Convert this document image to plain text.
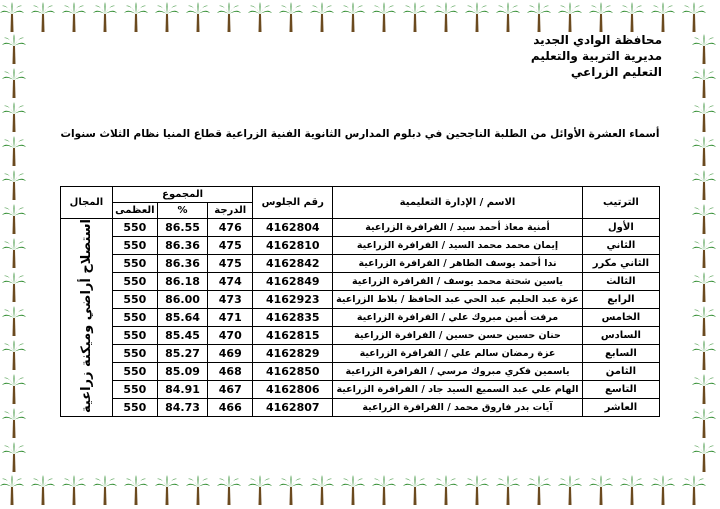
محافظة الوادي الجديد
مديرية التربية والتعليم
التعليم الزراعي
أسماء العشرة الأوائل من الطلبة الناجحين في دبلوم المدارس الثانوية الفنية الزراعية قطاع المنيا نظام الثلاث سنوات
الترتيب	الاسم / الإدارة التعليمية	رقم الجلوس	المجموع			المجال
			الدرجة	%	العظمى	
الأول	أمنية معاذ أحمد سيد / الفرافرة الزراعية	4162804	476	86.55	550	استصلاح أراضي وميكنة زراعية
الثاني	إيمان محمد محمد السيد / الفرافرة الزراعية	4162810	475	86.36	550	
الثاني مكرر	ندا أحمد يوسف الطاهر / الفرافرة الزراعية	4162842	475	86.36	550	
الثالث	ياسين شحتة محمد يوسف / الفرافرة الزراعية	4162849	474	86.18	550	
الرابع	عزة عبد الحليم عبد الحي عبد الحافظ / بلاط الزراعية	4162923	473	86.00	550	
الخامس	مرفت أمين مبروك علي / الفرافرة الزراعية	4162835	471	85.64	550	
السادس	حنان حسين حسن حسين / الفرافرة الزراعية	4162815	470	85.45	550	
السابع	عزة رمضان سالم علي / الفرافرة الزراعية	4162829	469	85.27	550	
الثامن	ياسمين فكري مبروك مرسي / الفرافرة الزراعية	4162850	468	85.09	550	
التاسع	الهام علي عبد السميع السيد جاد / الفرافرة الزراعية	4162806	467	84.91	550	
العاشر	آيات بدر فاروق محمد / الفرافرة الزراعية	4162807	466	84.73	550	
